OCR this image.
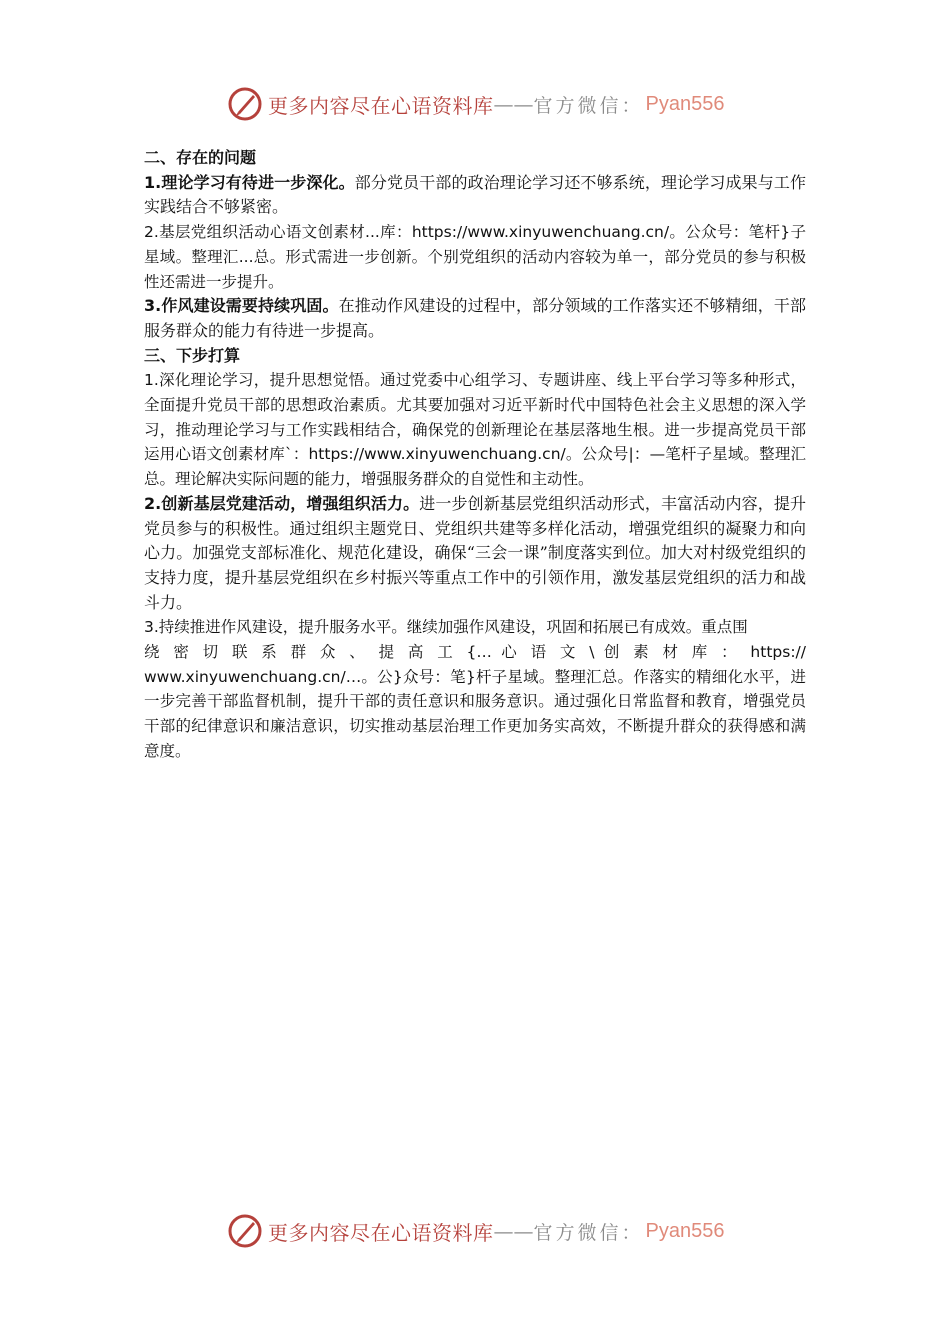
更多内容尽在心语资料库 —— 官方微信： Pyan556

二、存在的问题

1.理论学习有待进一步深化。部分党员干部的政治理论学习还不够系统，理论学习成果与工作实践结合不够紧密。

2.基层党组织活动心语文创素材...库：https://www.xinyuwenchuang.cn/。公众号：笔杆}子星域。整理汇...总。形式需进一步创新。个别党组织的活动内容较为单一，部分党员的参与积极性还需进一步提升。

3.作风建设需要持续巩固。在推动作风建设的过程中，部分领域的工作落实还不够精细，干部服务群众的能力有待进一步提高。

三、下步打算

1.深化理论学习，提升思想觉悟。通过党委中心组学习、专题讲座、线上平台学习等多种形式，全面提升党员干部的思想政治素质。尤其要加强对习近平新时代中国特色社会主义思想的深入学习，推动理论学习与工作实践相结合，确保党的创新理论在基层落地生根。进一步提高党员干部运用心语文创素材库`：https://www.xinyuwenchuang.cn/。公众号|：—笔杆子星域。整理汇总。理论解决实际问题的能力，增强服务群众的自觉性和主动性。

2.创新基层党建活动，增强组织活力。进一步创新基层党组织活动形式，丰富活动内容，提升党员参与的积极性。通过组织主题党日、党组织共建等多样化活动，增强党组织的凝聚力和向心力。加强党支部标准化、规范化建设，确保“三会一课”制度落实到位。加大对村级党组织的支持力度，提升基层党组织在乡村振兴等重点工作中的引领作用，激发基层党组织的活力和战斗力。

3.持续推进作风建设，提升服务水平。继续加强作风建设，巩固和拓展已有成效。重点围

绕 密 切 联 系 群 众 、 提 高 工 {… 心 语 文 \ 创 素 材 库 ： https://

www.xinyuwenchuang.cn/…。公}众号：笔}杆子星域。整理汇总。作落实的精细化水平，进一步完善干部监督机制，提升干部的责任意识和服务意识。通过强化日常监督和教育，增强党员干部的纪律意识和廉洁意识，切实推动基层治理工作更加务实高效，不断提升群众的获得感和满意度。

更多内容尽在心语资料库 —— 官方微信： Pyan556
